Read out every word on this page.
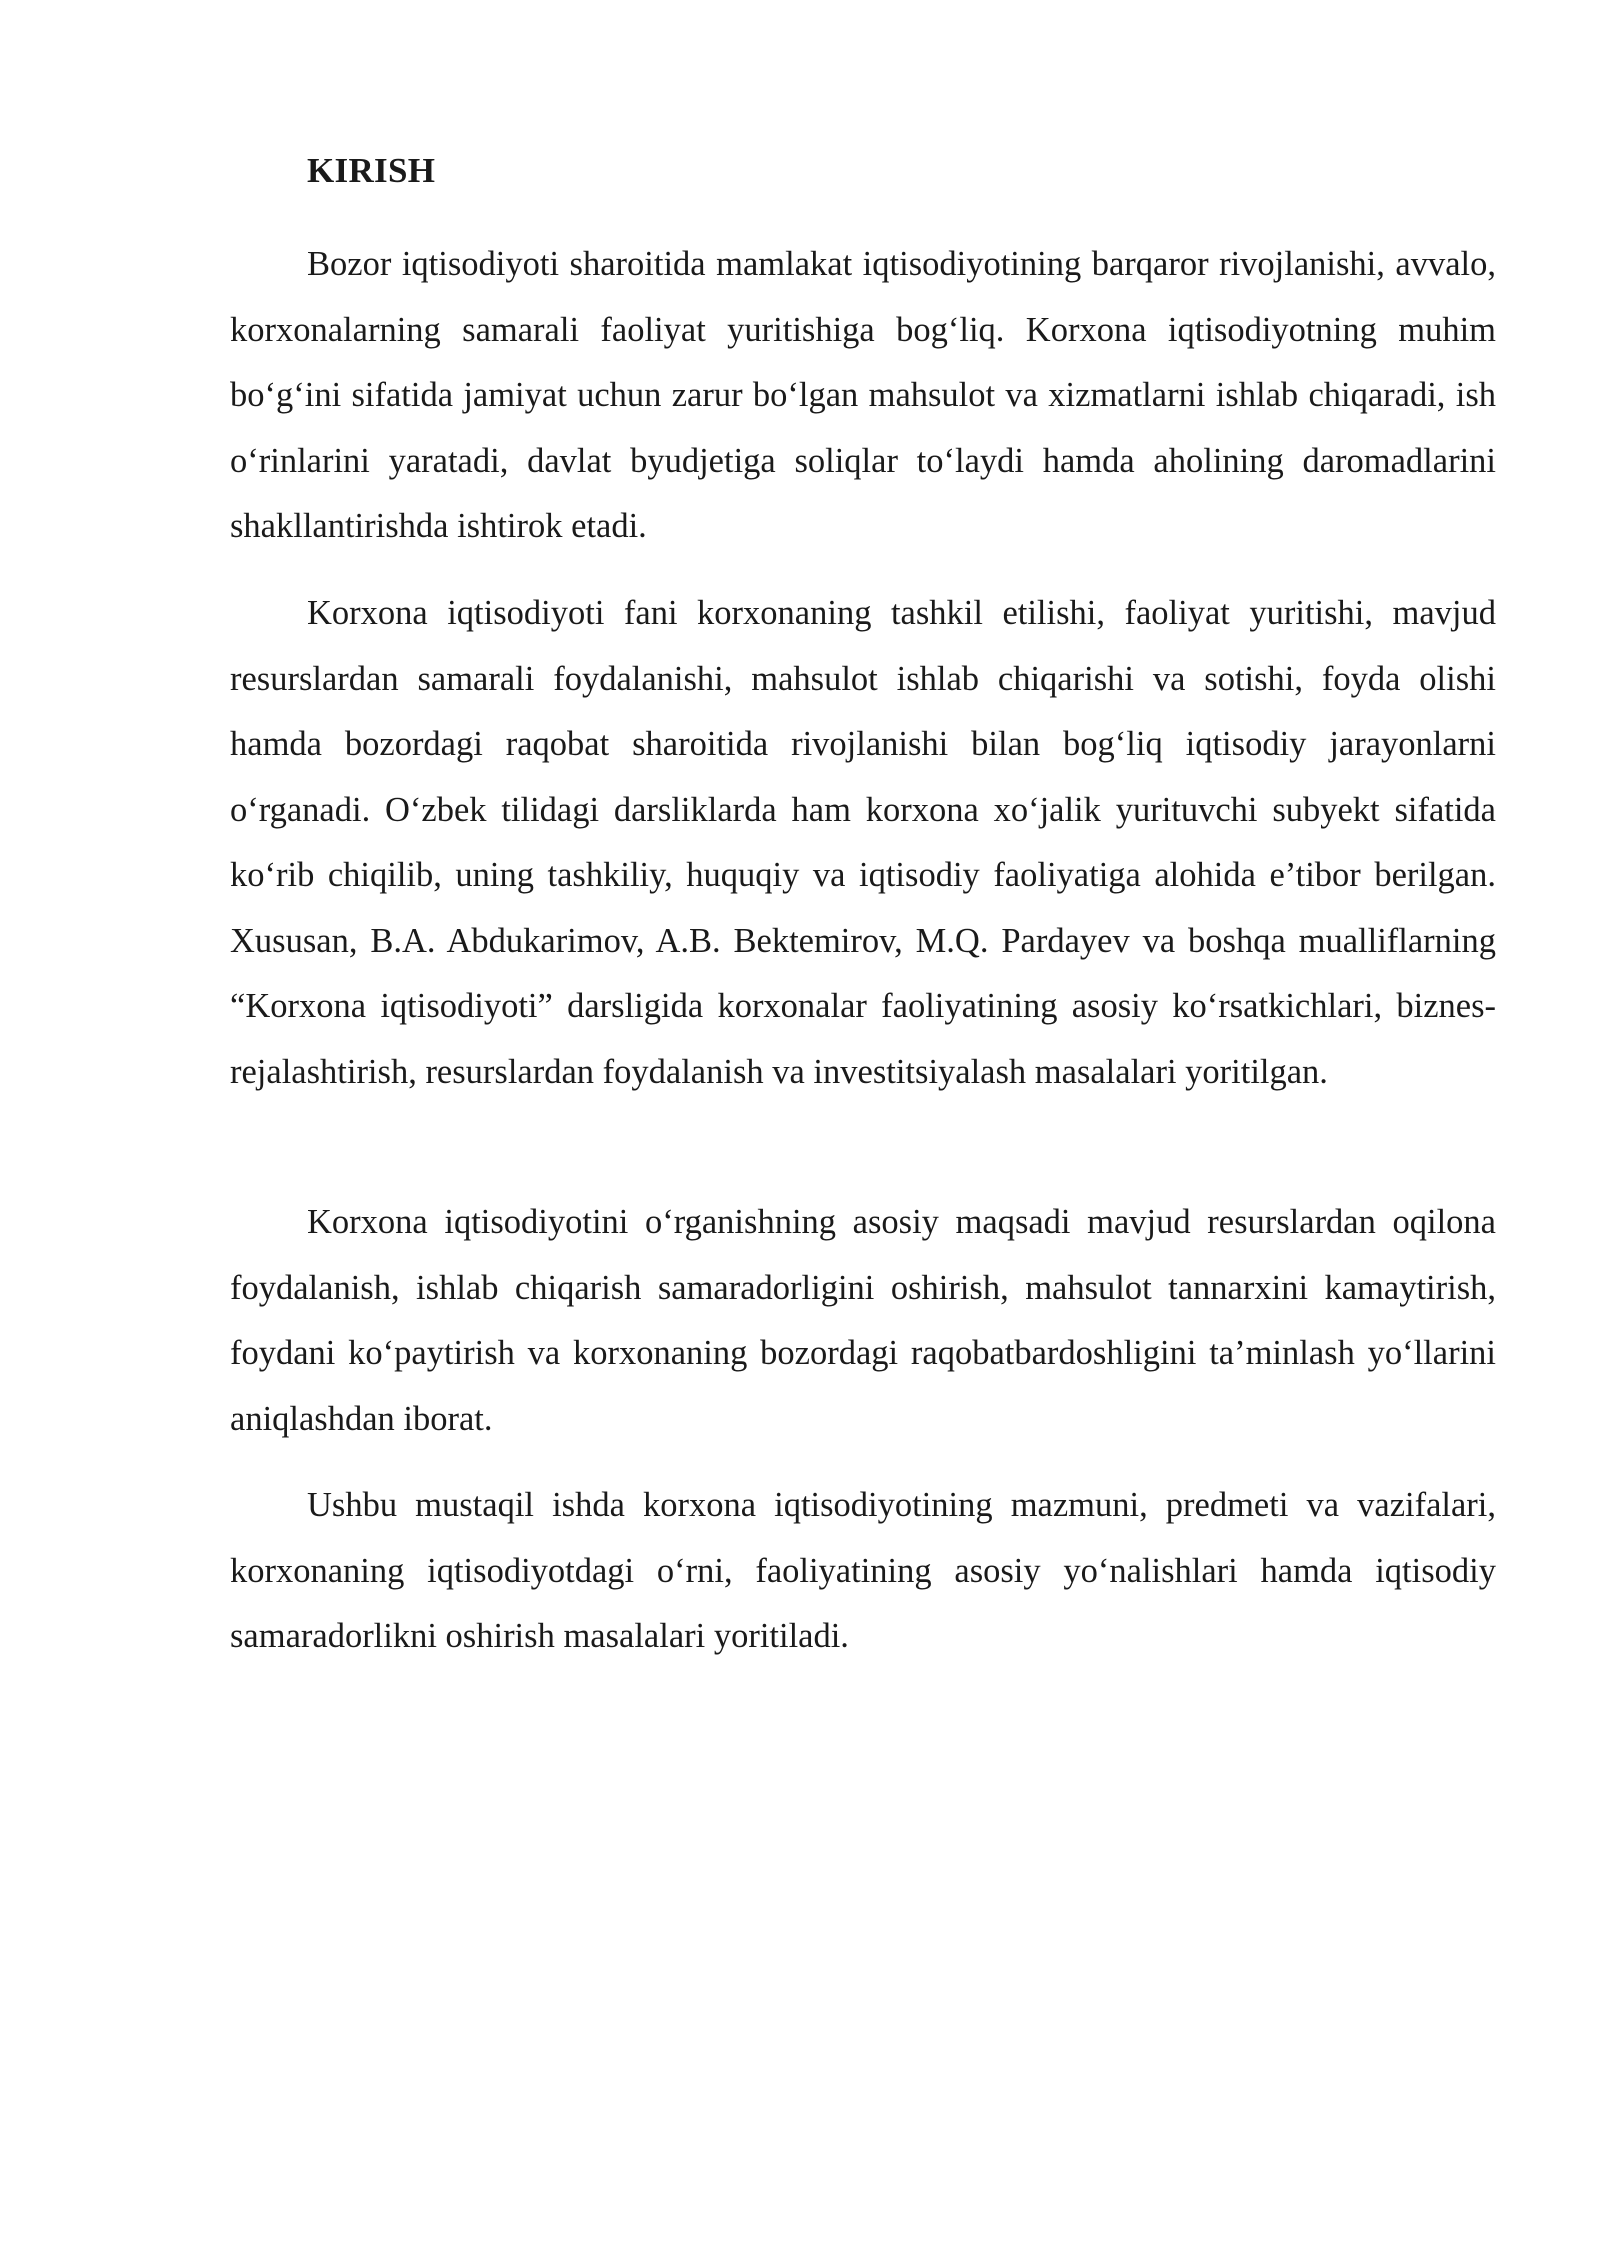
KIRISH

Bozor iqtisodiyoti sharoitida mamlakat iqtisodiyotining barqaror rivojlanishi, avvalo, korxonalarning samarali faoliyat yuritishiga bog‘liq. Korxona iqtisodiyotning muhim bo‘g‘ini sifatida jamiyat uchun zarur bo‘lgan mahsulot va xizmatlarni ishlab chiqaradi, ish o‘rinlarini yaratadi, davlat byudjetiga soliqlar to‘laydi hamda aholining daromadlarini shakllantirishda ishtirok etadi.

Korxona iqtisodiyoti fani korxonaning tashkil etilishi, faoliyat yuritishi, mavjud resurslardan samarali foydalanishi, mahsulot ishlab chiqarishi va sotishi, foyda olishi hamda bozordagi raqobat sharoitida rivojlanishi bilan bog‘liq iqtisodiy jarayonlarni o‘rganadi. O‘zbek tilidagi darsliklarda ham korxona xo‘jalik yurituvchi subyekt sifatida ko‘rib chiqilib, uning tashkiliy, huquqiy va iqtisodiy faoliyatiga alohida e’tibor berilgan. Xususan, B.A. Abdukarimov, A.B. Bektemirov, M.Q. Pardayev va boshqa mualliflarning “Korxona iqtisodiyoti” darsligida korxonalar faoliyatining asosiy ko‘rsatkichlari, biznes-rejalashtirish, resurslardan foydalanish va investitsiyalash masalalari yoritilgan.

Korxona iqtisodiyotini o‘rganishning asosiy maqsadi mavjud resurslardan oqilona foydalanish, ishlab chiqarish samaradorligini oshirish, mahsulot tannarxini kamaytirish, foydani ko‘paytirish va korxonaning bozordagi raqobatbardoshligini ta’minlash yo‘llarini aniqlashdan iborat.

Ushbu mustaqil ishda korxona iqtisodiyotining mazmuni, predmeti va vazifalari, korxonaning iqtisodiyotdagi o‘rni, faoliyatining asosiy yo‘nalishlari hamda iqtisodiy samaradorlikni oshirish masalalari yoritiladi.
